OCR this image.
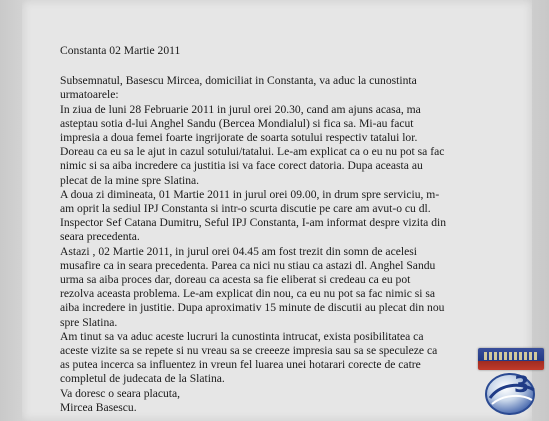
Constanta 02 Martie 2011
Subsemnatul, Basescu Mircea, domiciliat in Constanta, va aduc la cunostinta
urmatoarele:
In ziua de luni 28 Februarie 2011 in jurul orei 20.30, cand am ajuns acasa, ma
asteptau sotia d-lui Anghel Sandu (Bercea Mondialul) si fica sa. Mi-au facut
impresia a doua femei foarte ingrijorate de soarta sotului respectiv tatalui lor.
Doreau ca eu sa le ajut in cazul sotului/tatalui. Le-am explicat ca o eu nu pot sa fac
nimic si sa aiba incredere ca justitia isi va face corect datoria. Dupa aceasta au
plecat de la mine spre Slatina.
A doua zi dimineata, 01 Martie 2011 in jurul orei 09.00, in drum spre serviciu, m-
am oprit la sediul IPJ Constanta si intr-o scurta discutie pe care am avut-o cu dl.
Inspector Sef Catana Dumitru, Seful IPJ Constanta, I-am informat despre vizita din
seara precedenta.
Astazi , 02 Martie 2011, in jurul orei 04.45 am fost trezit din somn de acelesi
musafire ca in seara precedenta. Parea ca nici nu stiau ca astazi dl. Anghel Sandu
urma sa aiba proces dar, doreau ca acesta sa fie eliberat si credeau ca eu pot
rezolva aceasta problema. Le-am explicat din nou, ca eu nu pot sa fac nimic si sa
aiba incredere in justitie. Dupa aproximativ 15 minute de discutii au plecat din nou
spre Slatina.
Am tinut sa va aduc aceste lucruri la cunostinta intrucat, exista posibilitatea ca
aceste vizite sa se repete si nu vreau sa se creeeze impresia sau sa se speculeze ca
as putea incerca sa influentez in vreun fel luarea unei hotarari corecte de catre
completul de judecata de la Slatina.
Va doresc o seara placuta,
Mircea Basescu.
3
